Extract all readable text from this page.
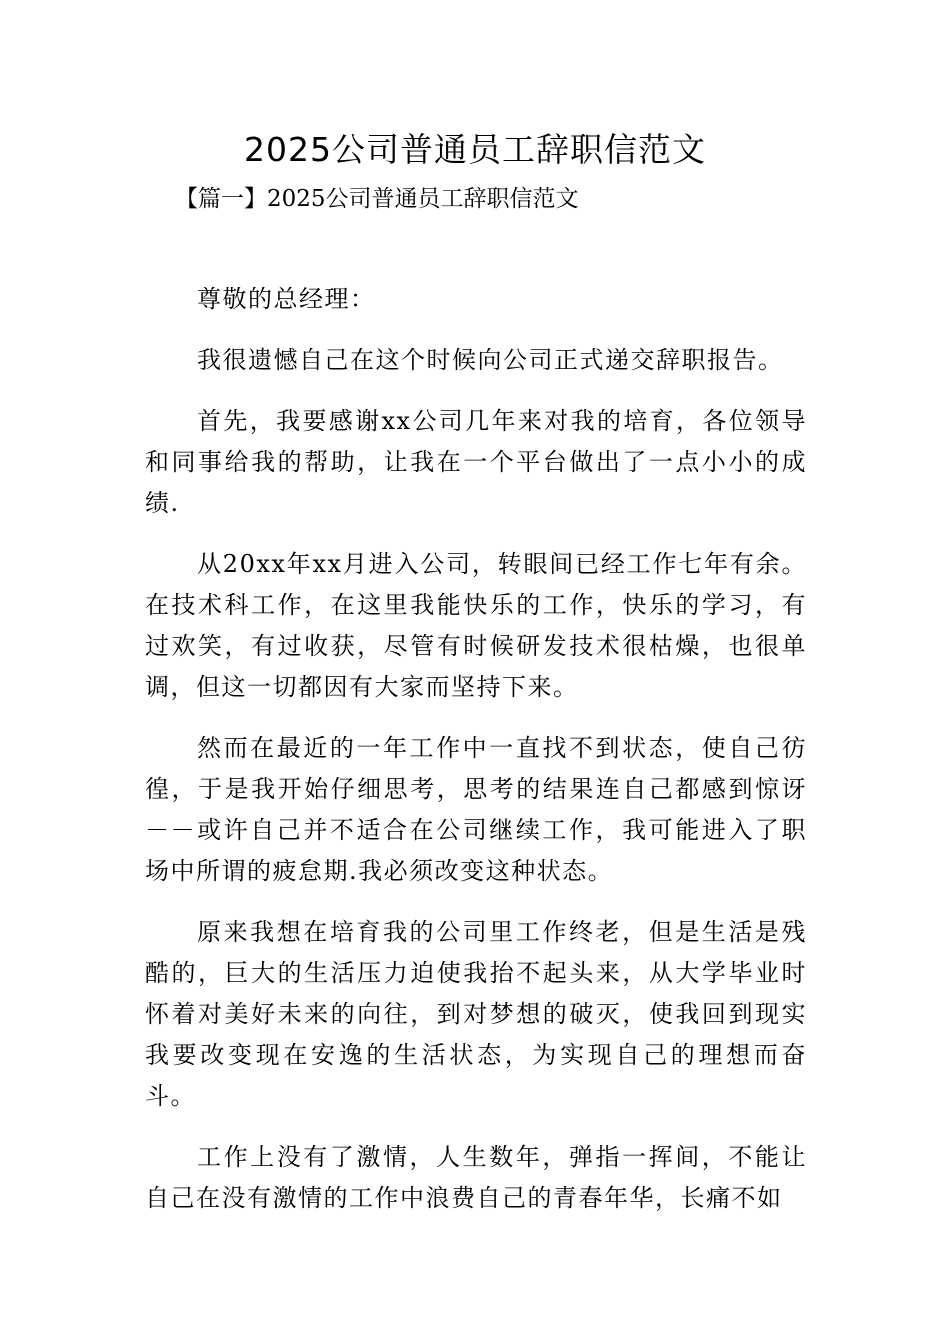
2025公司普通员工辞职信范文

【篇一】2025公司普通员工辞职信范文

尊敬的总经理：

我很遗憾自己在这个时候向公司正式递交辞职报告。

首先，我要感谢xx公司几年来对我的培育，各位领导和同事给我的帮助，让我在一个平台做出了一点小小的成绩.

从20xx年xx月进入公司，转眼间已经工作七年有余。在技术科工作，在这里我能快乐的工作，快乐的学习，有过欢笑，有过收获，尽管有时候研发技术很枯燥，也很单调，但这一切都因有大家而坚持下来。

然而在最近的一年工作中一直找不到状态，使自己彷徨，于是我开始仔细思考，思考的结果连自己都感到惊讶－－或许自己并不适合在公司继续工作，我可能进入了职场中所谓的疲怠期.我必须改变这种状态。

原来我想在培育我的公司里工作终老，但是生活是残酷的，巨大的生活压力迫使我抬不起头来，从大学毕业时怀着对美好未来的向往，到对梦想的破灭，使我回到现实我要改变现在安逸的生活状态，为实现自己的理想而奋斗。

工作上没有了激情，人生数年，弹指一挥间，不能让自己在没有激情的工作中浪费自己的青春年华，长痛不如
